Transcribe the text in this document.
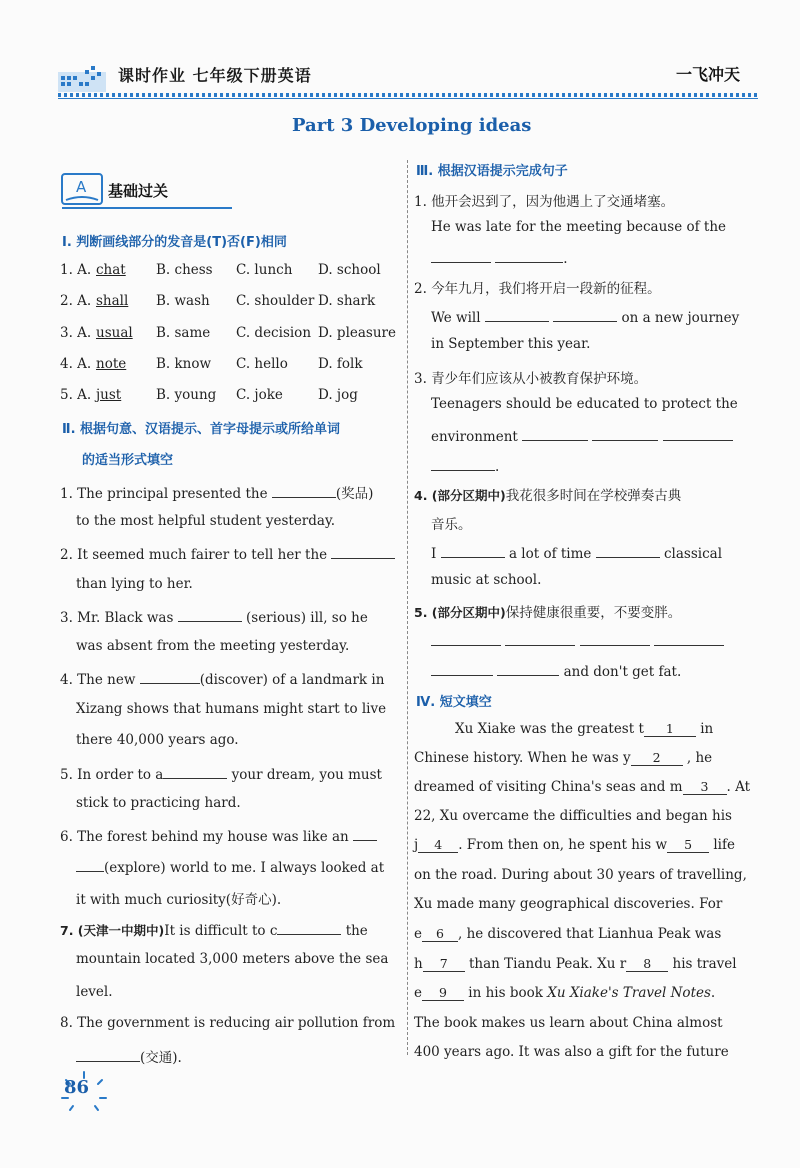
课时作业 七年级下册英语	一飞冲天
Part 3 Developing ideas
A 基础过关
Ⅰ. 判断画线部分的发音是(T)否(F)相同
1. A. chat B. chess C. lunch D. school
2. A. shall B. wash C. shoulder D. shark
3. A. usual B. same C. decision D. pleasure
4. A. note B. know C. hello D. folk
5. A. just	B. young C. joke	D. jog
Ⅱ. 根据句意、汉语提示、首字母提示或所给单词
的适当形式填空
1. The principal presented the	(奖品)
to the most helpful student yesterday.
2. It seemed much fairer to tell her the
than lying to her.
3. Mr. Black was	(serious) ill, so he
was absent from the meeting yesterday.
4. The new	(discover) of a landmark in
Xizang shows that humans might start to live
there 40,000 years ago.
5. In order to a	your dream, you must
stick to practicing hard.
6. The forest behind my house was like an
(explore) world to me. I always looked at
it with much curiosity(好奇心).
7. (天津一中期中)It is difficult to c	the
mountain located 3,000 meters above the sea
level.
8. The government is reducing air pollution from
(交通).
86
Ⅲ. 根据汉语提示完成句子
1. 他开会迟到了，因为他遇上了交通堵塞。
He was late for the meeting because of the
.
2. 今年九月，我们将开启一段新的征程。
We will	on a new journey
in September this year.
3. 青少年们应该从小被教育保护环境。
Teenagers should be educated to protect the
environment
.
4. (部分区期中)我花很多时间在学校弹奏古典
音乐。
I	a lot of time	classical
music at school.
5. (部分区期中)保持健康很重要，不要变胖。

and don't get fat.
Ⅳ. 短文填空
Xu Xiake was the greatest t 1 in
Chinese history. When he was y 2 , he
dreamed of visiting China's seas and m 3 . At
22, Xu overcame the difficulties and began his
j 4 . From then on, he spent his w 5 life
on the road. During about 30 years of travelling,
Xu made many geographical discoveries. For
e 6 , he discovered that Lianhua Peak was
h 7 than Tiandu Peak. Xu r 8 his travel
e 9 in his book Xu Xiake's Travel Notes.
The book makes us learn about China almost
400 years ago. It was also a gift for the future
